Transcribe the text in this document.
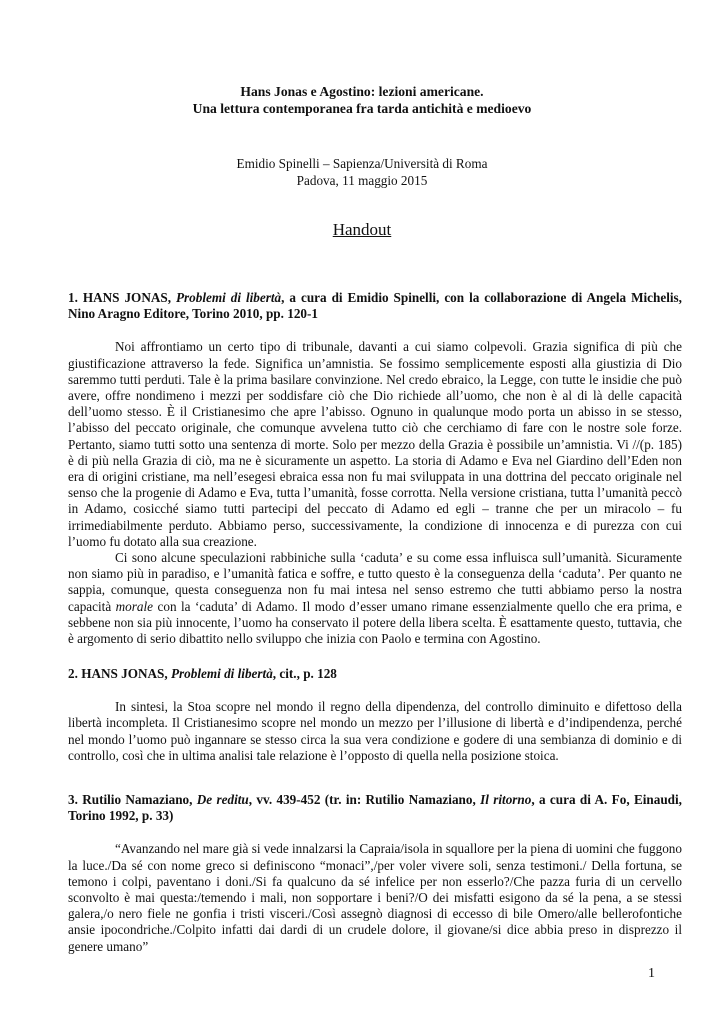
Hans Jonas e Agostino: lezioni americane.
Una lettura contemporanea fra tarda antichità e medioevo
Emidio Spinelli – Sapienza/Università di Roma
Padova, 11 maggio 2015
Handout

1. HANS JONAS, Problemi di libertà, a cura di Emidio Spinelli, con la collaborazione di Angela Michelis, Nino Aragno Editore, Torino 2010, pp. 120-1

Noi affrontiamo un certo tipo di tribunale, davanti a cui siamo colpevoli. Grazia significa di più che giustificazione attraverso la fede. Significa un’amnistia. Se fossimo semplicemente esposti alla giustizia di Dio saremmo tutti perduti. Tale è la prima basilare convinzione. Nel credo ebraico, la Legge, con tutte le insidie che può avere, offre nondimeno i mezzi per soddisfare ciò che Dio richiede all’uomo, che non è al di là delle capacità dell’uomo stesso. È il Cristianesimo che apre l’abisso. Ognuno in qualunque modo porta un abisso in se stesso, l’abisso del peccato originale, che comunque avvelena tutto ciò che cerchiamo di fare con le nostre sole forze. Pertanto, siamo tutti sotto una sentenza di morte. Solo per mezzo della Grazia è possibile un’amnistia. Vi //(p. 185) è di più nella Grazia di ciò, ma ne è sicuramente un aspetto. La storia di Adamo e Eva nel Giardino dell’Eden non era di origini cristiane, ma nell’esegesi ebraica essa non fu mai sviluppata in una dottrina del peccato originale nel senso che la progenie di Adamo e Eva, tutta l’umanità, fosse corrotta. Nella versione cristiana, tutta l’umanità peccò in Adamo, cosicché siamo tutti partecipi del peccato di Adamo ed egli – tranne che per un miracolo – fu irrimediabilmente perduto. Abbiamo perso, successivamente, la condizione di innocenza e di purezza con cui l’uomo fu dotato alla sua creazione.

Ci sono alcune speculazioni rabbiniche sulla ‘caduta’ e su come essa influisca sull’umanità. Sicuramente non siamo più in paradiso, e l’umanità fatica e soffre, e tutto questo è la conseguenza della ‘caduta’. Per quanto ne sappia, comunque, questa conseguenza non fu mai intesa nel senso estremo che tutti abbiamo perso la nostra capacità morale con la ‘caduta’ di Adamo. Il modo d’esser umano rimane essenzialmente quello che era prima, e sebbene non sia più innocente, l’uomo ha conservato il potere della libera scelta. È esattamente questo, tuttavia, che è argomento di serio dibattito nello sviluppo che inizia con Paolo e termina con Agostino.

2. HANS JONAS, Problemi di libertà, cit., p. 128

In sintesi, la Stoa scopre nel mondo il regno della dipendenza, del controllo diminuito e difettoso della libertà incompleta. Il Cristianesimo scopre nel mondo un mezzo per l’illusione di libertà e d’indipendenza, perché nel mondo l’uomo può ingannare se stesso circa la sua vera condizione e godere di una sembianza di dominio e di controllo, così che in ultima analisi tale relazione è l’opposto di quella nella posizione stoica.

3. Rutilio Namaziano, De reditu, vv. 439-452 (tr. in: Rutilio Namaziano, Il ritorno, a cura di A. Fo, Einaudi, Torino 1992, p. 33)

“Avanzando nel mare già si vede innalzarsi la Capraia/isola in squallore per la piena di uomini che fuggono la luce./Da sé con nome greco si definiscono “monaci”,/per voler vivere soli, senza testimoni./ Della fortuna, se temono i colpi, paventano i doni./Si fa qualcuno da sé infelice per non esserlo?/Che pazza furia di un cervello sconvolto è mai questa:/temendo i mali, non sopportare i beni?/O dei misfatti esigono da sé la pena, a se stessi galera,/o nero fiele ne gonfia i tristi visceri./Così assegnò diagnosi di eccesso di bile Omero/alle bellerofontiche ansie ipocondriche./Colpito infatti dai dardi di un crudele dolore, il giovane/si dice abbia preso in disprezzo il genere umano”

1
